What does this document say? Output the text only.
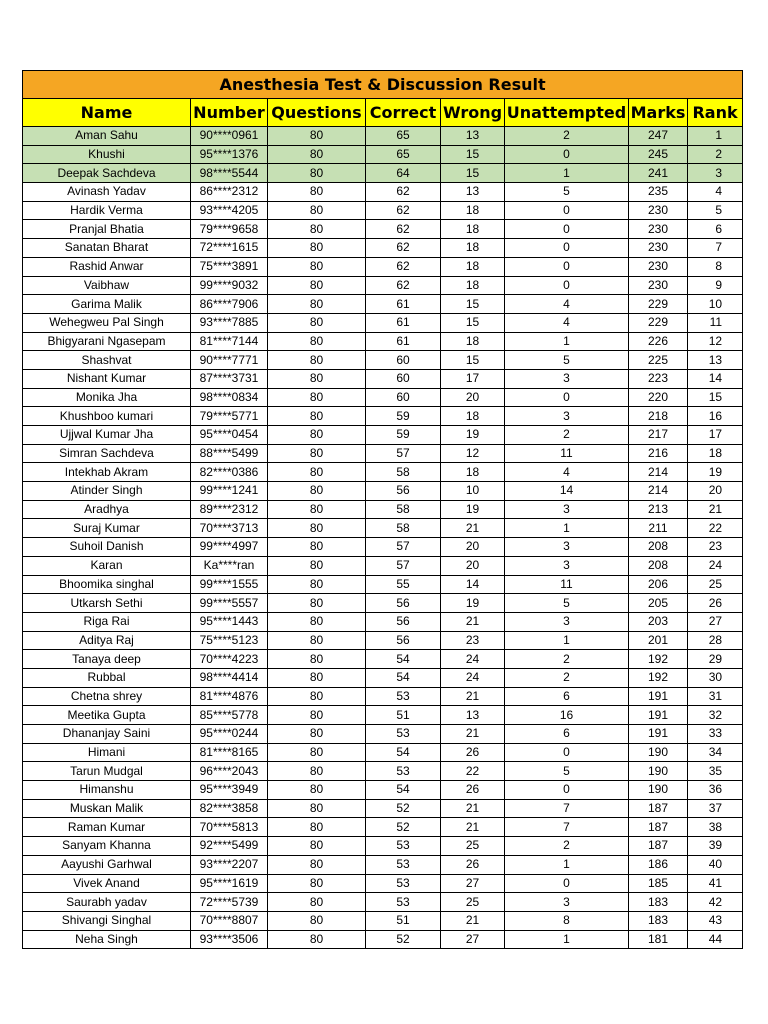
Anesthesia Test & Discussion Result							
Name	Number	Questions	Correct	Wrong	Unattempted	Marks	Rank
Aman Sahu	90****0961	80	65	13	2	247	1
Khushi	95****1376	80	65	15	0	245	2
Deepak Sachdeva	98****5544	80	64	15	1	241	3
Avinash Yadav	86****2312	80	62	13	5	235	4
Hardik Verma	93****4205	80	62	18	0	230	5
Pranjal Bhatia	79****9658	80	62	18	0	230	6
Sanatan Bharat	72****1615	80	62	18	0	230	7
Rashid Anwar	75****3891	80	62	18	0	230	8
Vaibhaw	99****9032	80	62	18	0	230	9
Garima Malik	86****7906	80	61	15	4	229	10
Wehegweu Pal Singh	93****7885	80	61	15	4	229	11
Bhigyarani Ngasepam	81****7144	80	61	18	1	226	12
Shashvat	90****7771	80	60	15	5	225	13
Nishant Kumar	87****3731	80	60	17	3	223	14
Monika Jha	98****0834	80	60	20	0	220	15
Khushboo kumari	79****5771	80	59	18	3	218	16
Ujjwal Kumar Jha	95****0454	80	59	19	2	217	17
Simran Sachdeva	88****5499	80	57	12	11	216	18
Intekhab Akram	82****0386	80	58	18	4	214	19
Atinder Singh	99****1241	80	56	10	14	214	20
Aradhya	89****2312	80	58	19	3	213	21
Suraj Kumar	70****3713	80	58	21	1	211	22
Suhoil Danish	99****4997	80	57	20	3	208	23
Karan	Ka****ran	80	57	20	3	208	24
Bhoomika singhal	99****1555	80	55	14	11	206	25
Utkarsh Sethi	99****5557	80	56	19	5	205	26
Riga Rai	95****1443	80	56	21	3	203	27
Aditya Raj	75****5123	80	56	23	1	201	28
Tanaya deep	70****4223	80	54	24	2	192	29
Rubbal	98****4414	80	54	24	2	192	30
Chetna shrey	81****4876	80	53	21	6	191	31
Meetika Gupta	85****5778	80	51	13	16	191	32
Dhananjay Saini	95****0244	80	53	21	6	191	33
Himani	81****8165	80	54	26	0	190	34
Tarun Mudgal	96****2043	80	53	22	5	190	35
Himanshu	95****3949	80	54	26	0	190	36
Muskan Malik	82****3858	80	52	21	7	187	37
Raman Kumar	70****5813	80	52	21	7	187	38
Sanyam Khanna	92****5499	80	53	25	2	187	39
Aayushi Garhwal	93****2207	80	53	26	1	186	40
Vivek Anand	95****1619	80	53	27	0	185	41
Saurabh yadav	72****5739	80	53	25	3	183	42
Shivangi Singhal	70****8807	80	51	21	8	183	43
Neha Singh	93****3506	80	52	27	1	181	44
